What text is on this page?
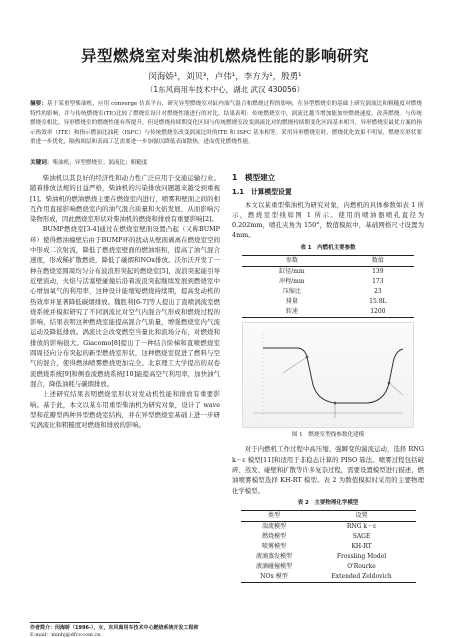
异型燃烧室对柴油机燃烧性能的影响研究
闵海娇¹，刘贝³，卢伟¹，李方为¹，殷勇¹
（1东风商用车技术中心，湖北 武汉 430056）
摘要：基于某重型柴油机，应用 converge 仿真平台，研究异型燃烧室对缸内油气混合和燃烧过程的影响。在异型燃烧室的基础上研究涡流比和粗糙度对燃烧特性的影响，并与传统燃烧室(TE)比较了燃烧室设计对燃烧性能进行的对比。结果表明：传统燃烧室中，涡流比越当增加能加快燃烧速度，改善燃烧。与传统燃烧室相比，异形燃烧室的燃烧性能有所提升，但是燃烧持续期变化区间与传统燃烧室改变涡流比对的燃烧持续期变化区间基本相当，异形燃烧室最优方案的指示热效率（ITE）和指示燃油比油耗（ISFC）与传统燃烧室改变涡流比时的ITE 和 ISFC 基本相等。采用异形燃烧室时，燃烧优化效果不明显，燃烧室形状要重进一步优化，隔热图层和表面工艺需要进一步加强以降低表面散热，进而优化燃烧性能。
关键词：柴油机；异型燃烧室；涡流比；粗糙度

柴油机以其良好的经济性和动力性广泛应用于交通运输行业。随着排放法规的日益严格，柴油机的污染排放问题越来越受到重视[1]。柴油机的燃油燃烧主要在燃烧室内进行，喷雾和壁面之间的相互作用直接影响燃烧室内的油气混合质量和火焰发展，从而影响污染物形成，因此燃烧室形状对柴油机的燃烧和排放有重要影响[2]。

BUMP燃烧室[3-4]通过在燃烧室壁面设置凸起（又称BUMP环）使得燃油撞壁后由于BUMP环的扰动从壁面剥离在燃烧室空间中形成二次射流，降低了燃烧室壁面的燃油堆积，提高了油气混合速度，形成稀扩散燃烧，降低了碳烟和NOx排放。沃尔沃开发了一种在燃烧室圆周均匀分布波浪形突起的燃烧室[5]，波浪突起能引导近壁流动，火焰与活塞壁碰撞后沿着波浪突起继续发展到燃烧室中心增加氧气的利用率，这种设计能缩短燃烧持续期，提高发动机的热效率并显著降低碳烟排放。魏胜利[6-7]等人提出了直喷涡流室燃烧系统并模拟研究了不同涡流比对空气内混合气形成和燃烧过程的影响，结果表明这种燃烧室能提高混合气质量，增强燃烧室内气流运动及降低排放。涡流比会改变燃空当量比和流场分布，对燃烧和排放的影响很大。Giacomo[8]提出了一种结合阶梯和直喷燃烧室圆周径向分布突起的新型燃烧室形状，这种燃烧室促进了燃料与空气的混合，使得燃油喷雾燃烧更加完全。北京理工大学提出的双卷流燃烧系统[9]和侧卷流燃烧系统[10]能提高空气利用率，加快油气混合，降低油耗与碳烟排放。

上述研究结果表明燃烧室形状对发动机性能和排放有重要影响。基于此，本文以某车用重型柴油机为研究对象，设计了 wave 型和花瓣型两种异型燃烧室结构，并在异型燃烧室基础上进一步研究涡流比和粗糙度对燃烧和排放的影响。

1　模型建立
1.1　计算模型设置

本文以某重型柴油机为研究对象，内燃机的具体参数如表 1 所示，燃烧室型线如图 1 所示。使用的喷油器喷孔直径为 0.202mm，喷孔夹角为 150°，数值模拟中，基础网格尺寸设置为 4mm。

表 1　内燃机主要参数
参数	数值
缸径/mm	139
冲程/mm	173
压缩比	23
排量	15.8L
转速	1200
图 1　燃烧室型线参数化建模

对于内燃机工作过程中高压缩、强瞬变的湍流运动，选择 RNG k－ε 模型[11]和适用于非稳态计算的 PISO 算法。喷雾过程包括破碎、蒸发、碰壁和扩散等许多复杂过程，需要设置模型进行描述，燃油喷雾模型选择 KH-RT 模型。表 2 为数值模拟时采用的主要物理化学模型。

表 2　主要物理化学模型
类型	设置
湍流模型	RNG k－ε
燃烧模型	SAGE
喷雾模型	KH-RT
液滴蒸发模型	Frossling Model
液滴碰撞模型	O'Rourke
NOx 模型	Extended Zeldovich
作者简介：闵海娇（1996-），女，东风商用车技术中心燃烧系统开发工程师
E-mail：minhj@dfcv.com.cn
